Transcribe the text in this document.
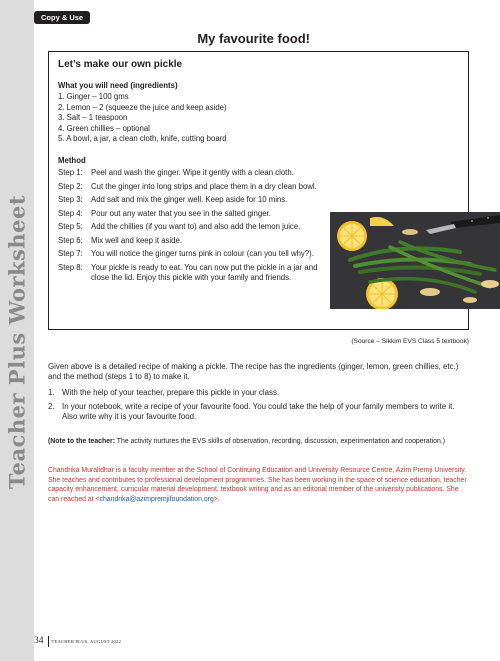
Teacher Plus Worksheet
Copy & Use
My favourite food!
Let’s make our own pickle
What you will need (ingredients)
1. Ginger – 100 gms
2. Lemon – 2 (squeeze the juice and keep aside)
3. Salt – 1 teaspoon
4. Green chillies – optional
5. A bowl, a jar, a clean cloth, knife, cutting board
Method
Step 1:	Peel and wash the ginger. Wipe it gently with a clean cloth.
Step 2:	Cut the ginger into long strips and place them in a dry clean bowl.
Step 3:	Add salt and mix the ginger well. Keep aside for 10 mins.
Step 4:	Pour out any water that you see in the salted ginger.
Step 5:	Add the chillies (if you want to) and also add the lemon juice.
Step 6:	Mix well and keep it aside.
Step 7:	You will notice the ginger turns pink in colour (can you tell why?).
Step 8:	Your pickle is ready to eat. You can now put the pickle in a jar and close the lid. Enjoy this pickle with your family and friends.
(Source – Sikkim EVS Class 5 textbook)

Given above is a detailed recipe of making a pickle. The recipe has the ingredients (ginger, lemon, green chillies, etc.) and the method (steps 1 to 8) to make it.

1. With the help of your teacher, prepare this pickle in your class.
2. In your notebook, write a recipe of your favourite food. You could take the help of your family members to write it. Also write why it is your favourite food.

(Note to the teacher: The activity nurtures the EVS skills of observation, recording, discussion, experimentation and cooperation.)

Chandrika Muralidhar is a faculty member at the School of Continuing Education and University Resource Centre, Azim Premji University. She teaches and contributes to professional development programmes. She has been working in the space of science education, teacher capacity enhancement, curricular material development, textbook writing and as an editorial member of the university publications. She can reached at <chandrika@azimpremjifoundation.org>.

34	TEACHER PLUS, AUGUST 2022
